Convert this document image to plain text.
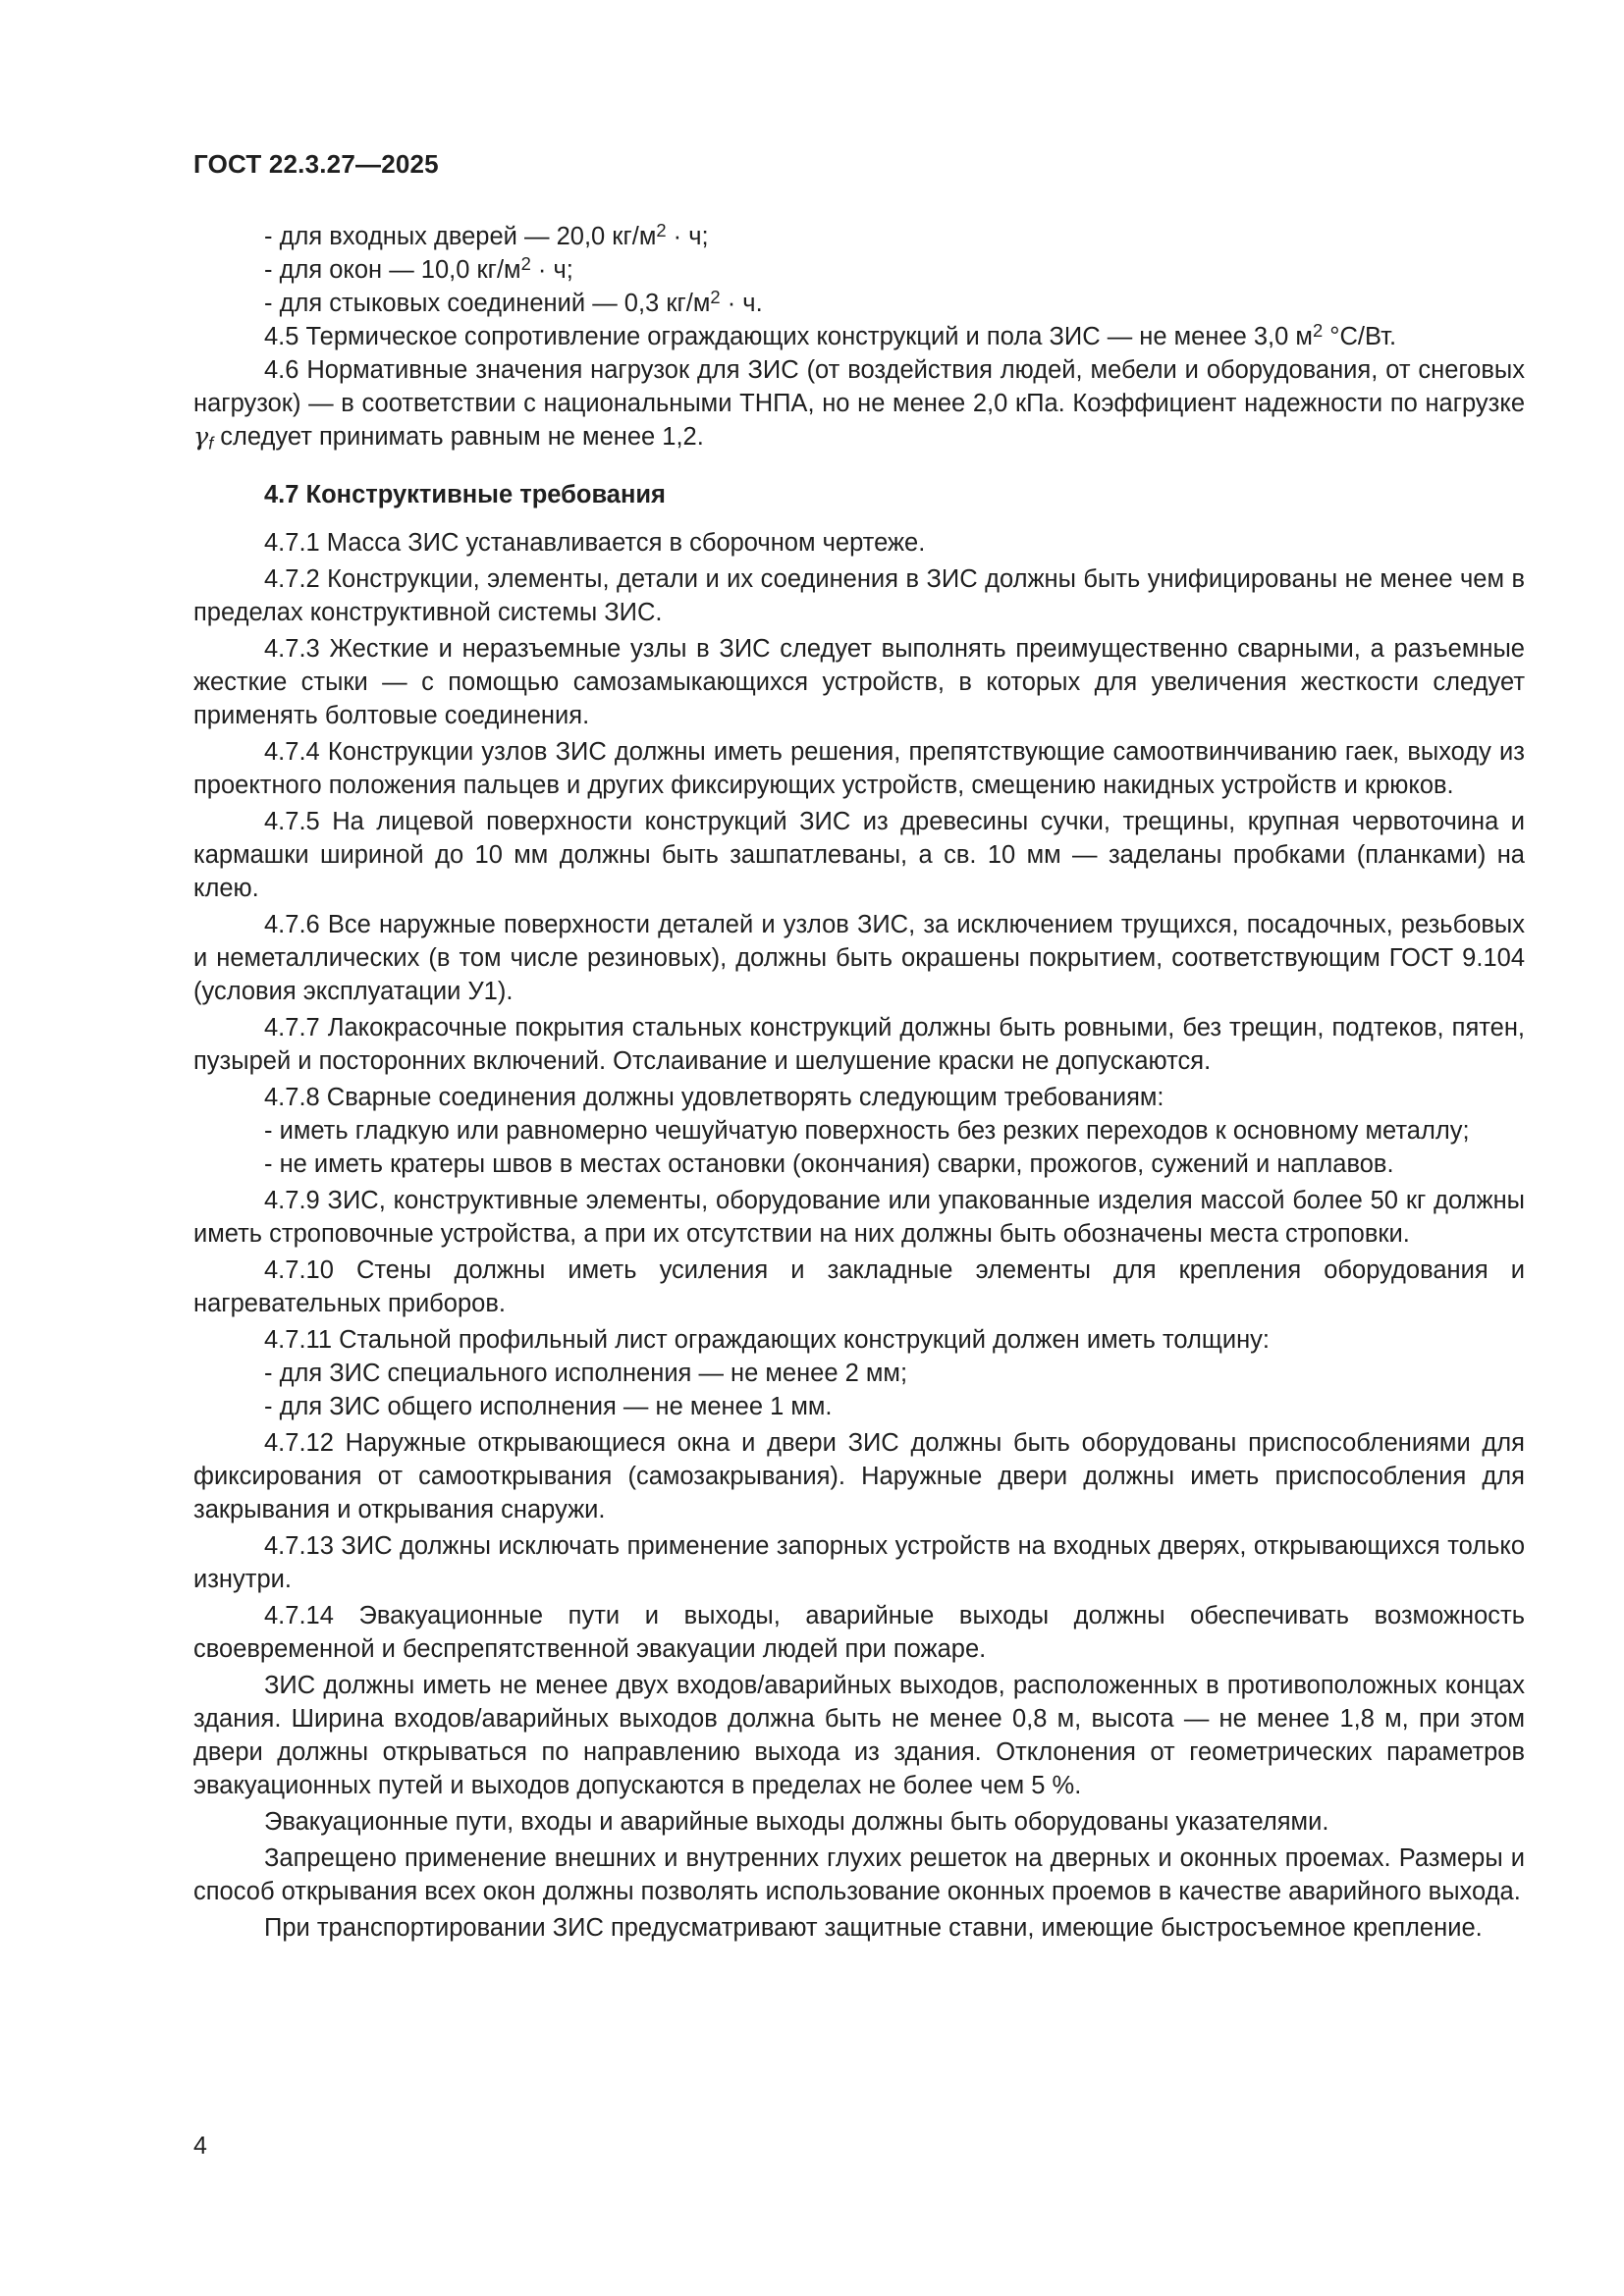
ГОСТ 22.3.27—2025

- для входных дверей — 20,0 $кг/м^2 \cdot ч$;

- для окон — 10,0 $кг/м^2 \cdot ч$;

- для стыковых соединений — 0,3 $кг/м^2 \cdot ч$.

4.5 Термическое сопротивление ограждающих конструкций и пола ЗИС — не менее 3,0 $м^2$ °С/Вт.

4.6 Нормативные значения нагрузок для ЗИС (от воздействия людей, мебели и оборудования, от снеговых нагрузок) — в соответствии с национальными ТНПА, но не менее 2,0 кПа. Коэффициент надежности по нагрузке γf следует принимать равным не менее 1,2.

4.7 Конструктивные требования

4.7.1 Масса ЗИС устанавливается в сборочном чертеже.

4.7.2 Конструкции, элементы, детали и их соединения в ЗИС должны быть унифицированы не менее чем в пределах конструктивной системы ЗИС.

4.7.3 Жесткие и неразъемные узлы в ЗИС следует выполнять преимущественно сварными, а разъемные жесткие стыки — с помощью самозамыкающихся устройств, в которых для увеличения жесткости следует применять болтовые соединения.

4.7.4 Конструкции узлов ЗИС должны иметь решения, препятствующие самоотвинчиванию гаек, выходу из проектного положения пальцев и других фиксирующих устройств, смещению накидных устройств и крюков.

4.7.5 На лицевой поверхности конструкций ЗИС из древесины сучки, трещины, крупная червоточина и кармашки шириной до 10 мм должны быть зашпатлеваны, а св. 10 мм — заделаны пробками (планками) на клею.

4.7.6 Все наружные поверхности деталей и узлов ЗИС, за исключением трущихся, посадочных, резьбовых и неметаллических (в том числе резиновых), должны быть окрашены покрытием, соответствующим ГОСТ 9.104 (условия эксплуатации У1).

4.7.7 Лакокрасочные покрытия стальных конструкций должны быть ровными, без трещин, подтеков, пятен, пузырей и посторонних включений. Отслаивание и шелушение краски не допускаются.

4.7.8 Сварные соединения должны удовлетворять следующим требованиям:

- иметь гладкую или равномерно чешуйчатую поверхность без резких переходов к основному металлу;

- не иметь кратеры швов в местах остановки (окончания) сварки, прожогов, сужений и наплавов.

4.7.9 ЗИС, конструктивные элементы, оборудование или упакованные изделия массой более 50 кг должны иметь строповочные устройства, а при их отсутствии на них должны быть обозначены места строповки.

4.7.10 Стены должны иметь усиления и закладные элементы для крепления оборудования и нагревательных приборов.

4.7.11 Стальной профильный лист ограждающих конструкций должен иметь толщину:

- для ЗИС специального исполнения — не менее 2 мм;

- для ЗИС общего исполнения — не менее 1 мм.

4.7.12 Наружные открывающиеся окна и двери ЗИС должны быть оборудованы приспособлениями для фиксирования от самооткрывания (самозакрывания). Наружные двери должны иметь приспособления для закрывания и открывания снаружи.

4.7.13 ЗИС должны исключать применение запорных устройств на входных дверях, открывающихся только изнутри.

4.7.14 Эвакуационные пути и выходы, аварийные выходы должны обеспечивать возможность своевременной и беспрепятственной эвакуации людей при пожаре.

ЗИС должны иметь не менее двух входов/аварийных выходов, расположенных в противоположных концах здания. Ширина входов/аварийных выходов должна быть не менее 0,8 м, высота — не менее 1,8 м, при этом двери должны открываться по направлению выхода из здания. Отклонения от геометрических параметров эвакуационных путей и выходов допускаются в пределах не более чем 5 %.

Эвакуационные пути, входы и аварийные выходы должны быть оборудованы указателями.

Запрещено применение внешних и внутренних глухих решеток на дверных и оконных проемах. Размеры и способ открывания всех окон должны позволять использование оконных проемов в качестве аварийного выхода.

При транспортировании ЗИС предусматривают защитные ставни, имеющие быстросъемное крепление.

4
